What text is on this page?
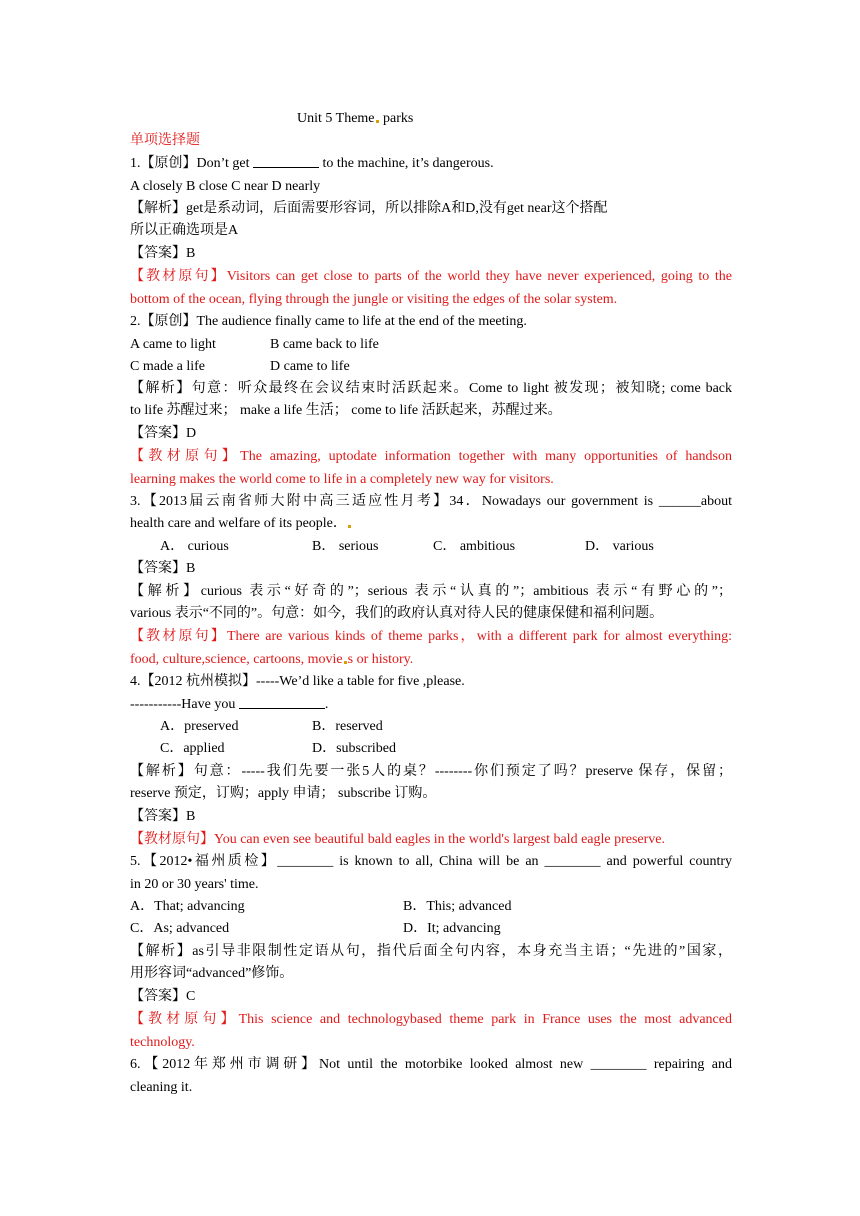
Unit 5 Theme parks
单项选择题
1.【原创】Don’t get	to the machine, it’s dangerous.
A closely B close C near D nearly
【解析】get是系动词，后面需要形容词，所以排除A和D,没有get near这个搭配
所以正确选项是A
【答案】B
【教材原句】Visitors can get close to parts of the world they have never experienced, going to the
bottom of the ocean, flying through the jungle or visiting the edges of the solar system.
2.【原创】The audience finally came to life at the end of the meeting.
A came to light	B came back to life
C made a life	D came to life
【解析】句意：听众最终在会议结束时活跃起来。Come to light 被发现；被知晓; come back
to life 苏醒过来； make a life 生活； come to life 活跃起来，苏醒过来。
【答案】D
【教材原句】The amazing, uptodate information together with many opportunities of handson
learning makes the world come to life in a completely new way for visitors.
3.【2013届云南省师大附中高三适应性月考】34．Nowadays our government is ______about
health care and welfare of its people．
A． curious	B． serious	C． ambitious	D． various
【答案】B
【解析】curious 表示“好奇的”；serious 表示“认真的”；ambitious 表示“有野心的”；
various 表示“不同的”。句意：如今，我们的政府认真对待人民的健康保健和福利问题。
【教材原句】There are various kinds of theme parks，with a different park for almost everything:
food, culture,science, cartoons, movie s or history.
4.【2012 杭州模拟】-----We’d like a table for five ,please.
-----------Have you	.
A．preserved	B．reserved
C．applied	D．subscribed
【解析】句意：-----我们先要一张5人的桌？--------你们预定了吗？preserve 保存，保留；
reserve 预定，订购；apply 申请； subscribe 订购。
【答案】B
【教材原句】You can even see beautiful bald eagles in the world's largest bald eagle preserve.
5.【2012•福州质检】________ is known to all, China will be an ________ and powerful country
in 20 or 30 years' time.
A．That; advancing	B．This; advanced
C．As; advanced	D．It; advancing
【解析】as引导非限制性定语从句，指代后面全句内容，本身充当主语；“先进的”国家，
用形容词“advanced”修饰。
【答案】C
【教材原句】This science and technologybased theme park in France uses the most advanced
technology.
6.【2012年郑州市调研】Not until the motorbike looked almost new ________ repairing and
cleaning it.
